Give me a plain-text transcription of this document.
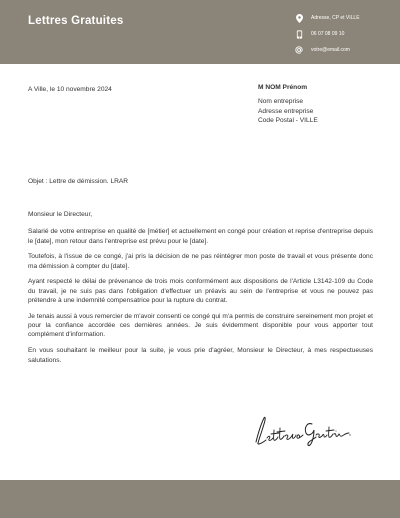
Lettres Gratuites	Adresse, CP et VILLE
06 07 08 09 10
votre@email.com
A Ville, le 10 novembre 2024	M NOM Prénom
Nom entreprise
Adresse entreprise
Code Postal - VILLE
Objet : Lettre de démission. LRAR

Monsieur le Directeur,

Salarié de votre entreprise en qualité de [métier] et actuellement en congé pour création et reprise d'entreprise depuis le [date], mon retour dans l'entreprise est prévu pour le [date].

Toutefois, à l'issue de ce congé, j'ai pris la décision de ne pas réintégrer mon poste de travail et vous présente donc ma démission à compter du [date].

Ayant respecté le délai de prévenance de trois mois conformément aux dispositions de l'Article L3142-109 du Code du travail, je ne suis pas dans l'obligation d'effectuer un préavis au sein de l'entreprise et vous ne pouvez pas prétendre à une indemnité compensatrice pour la rupture du contrat.

Je tenais aussi à vous remercier de m'avoir consenti ce congé qui m'a permis de construire sereinement mon projet et pour la confiance accordée ces dernières années. Je suis évidemment disponible pour vous apporter tout complément d'information.

En vous souhaitant le meilleur pour la suite, je vous prie d'agréer, Monsieur le Directeur, à mes respectueuses salutations.
